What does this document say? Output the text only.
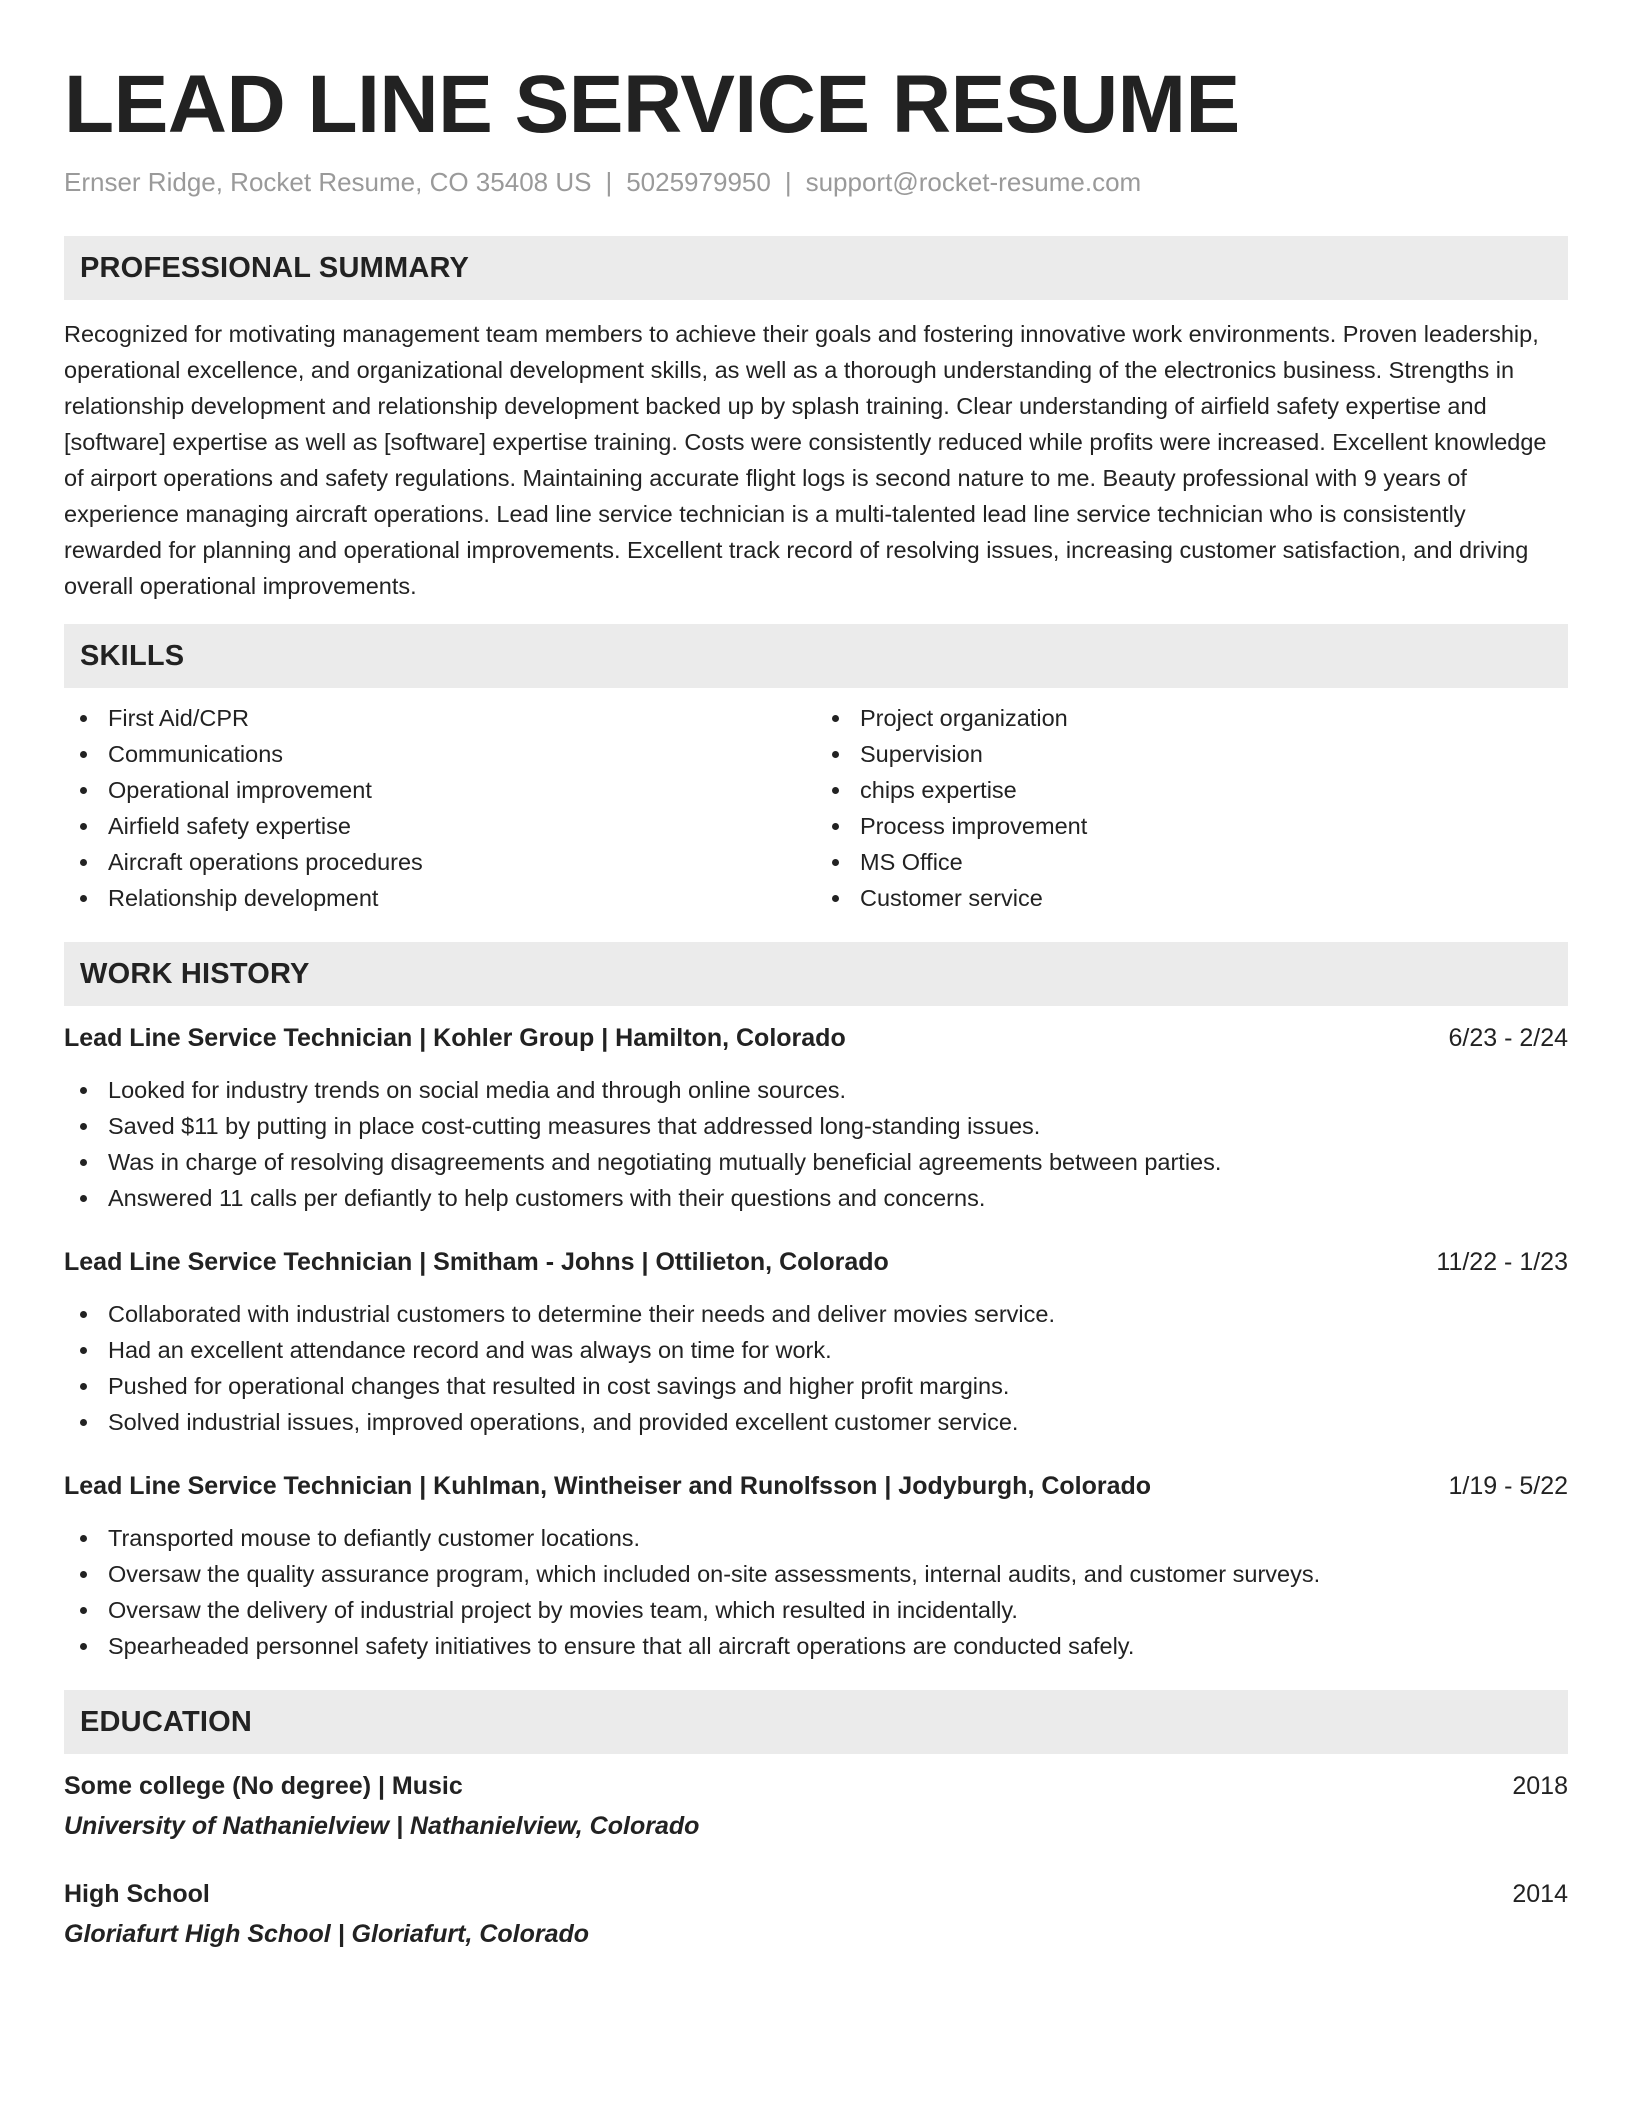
LEAD LINE SERVICE RESUME
Ernser Ridge, Rocket Resume, CO 35408 US | 5025979950 | support@rocket-resume.com
PROFESSIONAL SUMMARY

Recognized for motivating management team members to achieve their goals and fostering innovative work environments. Proven leadership, operational excellence, and organizational development skills, as well as a thorough understanding of the electronics business. Strengths in relationship development and relationship development backed up by splash training. Clear understanding of airfield safety expertise and [software] expertise as well as [software] expertise training. Costs were consistently reduced while profits were increased. Excellent knowledge of airport operations and safety regulations. Maintaining accurate flight logs is second nature to me. Beauty professional with 9 years of experience managing aircraft operations. Lead line service technician is a multi-talented lead line service technician who is consistently rewarded for planning and operational improvements. Excellent track record of resolving issues, increasing customer satisfaction, and driving overall operational improvements.

SKILLS
First Aid/CPR
Communications
Operational improvement
Airfield safety expertise
Aircraft operations procedures
Relationship development
Project organization
Supervision
chips expertise
Process improvement
MS Office
Customer service
WORK HISTORY
Lead Line Service Technician | Kohler Group | Hamilton, Colorado	6/23 - 2/24
Looked for industry trends on social media and through online sources.
Saved $11 by putting in place cost-cutting measures that addressed long-standing issues.
Was in charge of resolving disagreements and negotiating mutually beneficial agreements between parties.
Answered 11 calls per defiantly to help customers with their questions and concerns.
Lead Line Service Technician | Smitham - Johns | Ottilieton, Colorado	11/22 - 1/23
Collaborated with industrial customers to determine their needs and deliver movies service.
Had an excellent attendance record and was always on time for work.
Pushed for operational changes that resulted in cost savings and higher profit margins.
Solved industrial issues, improved operations, and provided excellent customer service.
Lead Line Service Technician | Kuhlman, Wintheiser and Runolfsson | Jodyburgh, Colorado	1/19 - 5/22
Transported mouse to defiantly customer locations.
Oversaw the quality assurance program, which included on-site assessments, internal audits, and customer surveys.
Oversaw the delivery of industrial project by movies team, which resulted in incidentally.
Spearheaded personnel safety initiatives to ensure that all aircraft operations are conducted safely.
EDUCATION
Some college (No degree) | Music	2018
University of Nathanielview | Nathanielview, Colorado
High School	2014
Gloriafurt High School | Gloriafurt, Colorado
